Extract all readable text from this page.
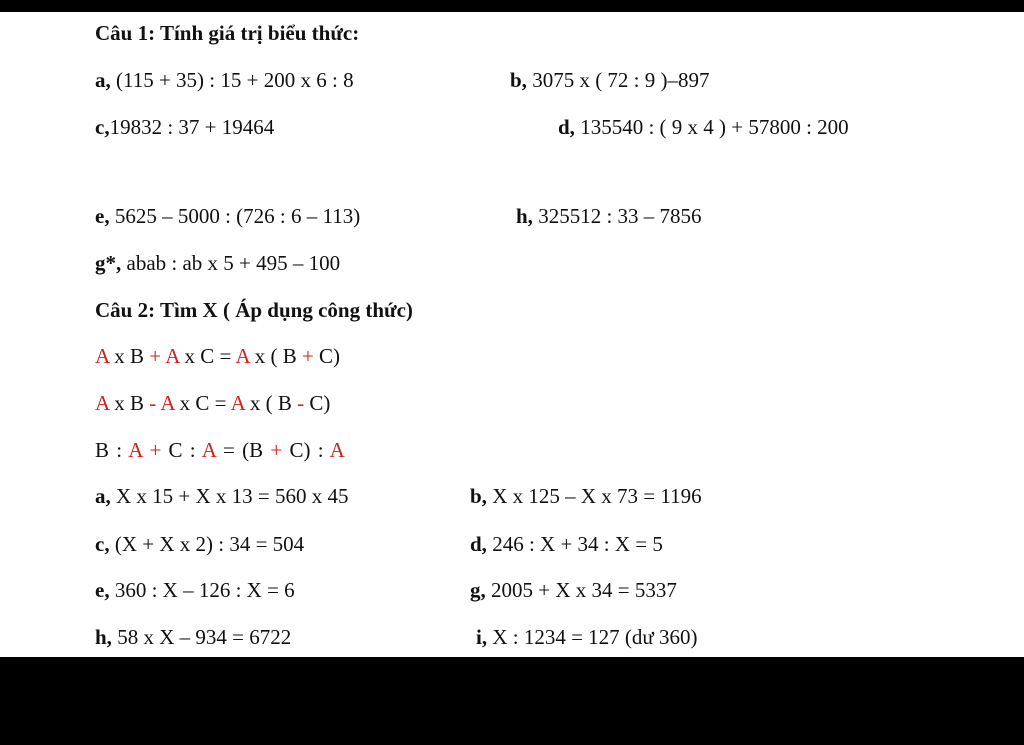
Câu 1: Tính giá trị biểu thức:
a, (115 + 35) : 15 + 200 x 6 : 8	b, 3075 x ( 72 : 9 )–897
c,19832 : 37 + 19464	d, 135540 : ( 9 x 4 ) + 57800 : 200
e, 5625 – 5000 : (726 : 6 – 113)	h, 325512 : 33 – 7856
g*, abab : ab x 5 + 495 – 100
Câu 2: Tìm X ( Áp dụng công thức)
A x B + A x C = A x ( B + C)
A x B - A x C = A x ( B - C)
B : A + C : A = (B + C) : A
a, X x 15 + X x 13 = 560 x 45	b, X x 125 – X x 73 = 1196
c, (X + X x 2) : 34 = 504	d, 246 : X + 34 : X = 5
e, 360 : X – 126 : X = 6	g, 2005 + X x 34 = 5337
h, 58 x X – 934 = 6722	i, X : 1234 = 127 (dư 360)
